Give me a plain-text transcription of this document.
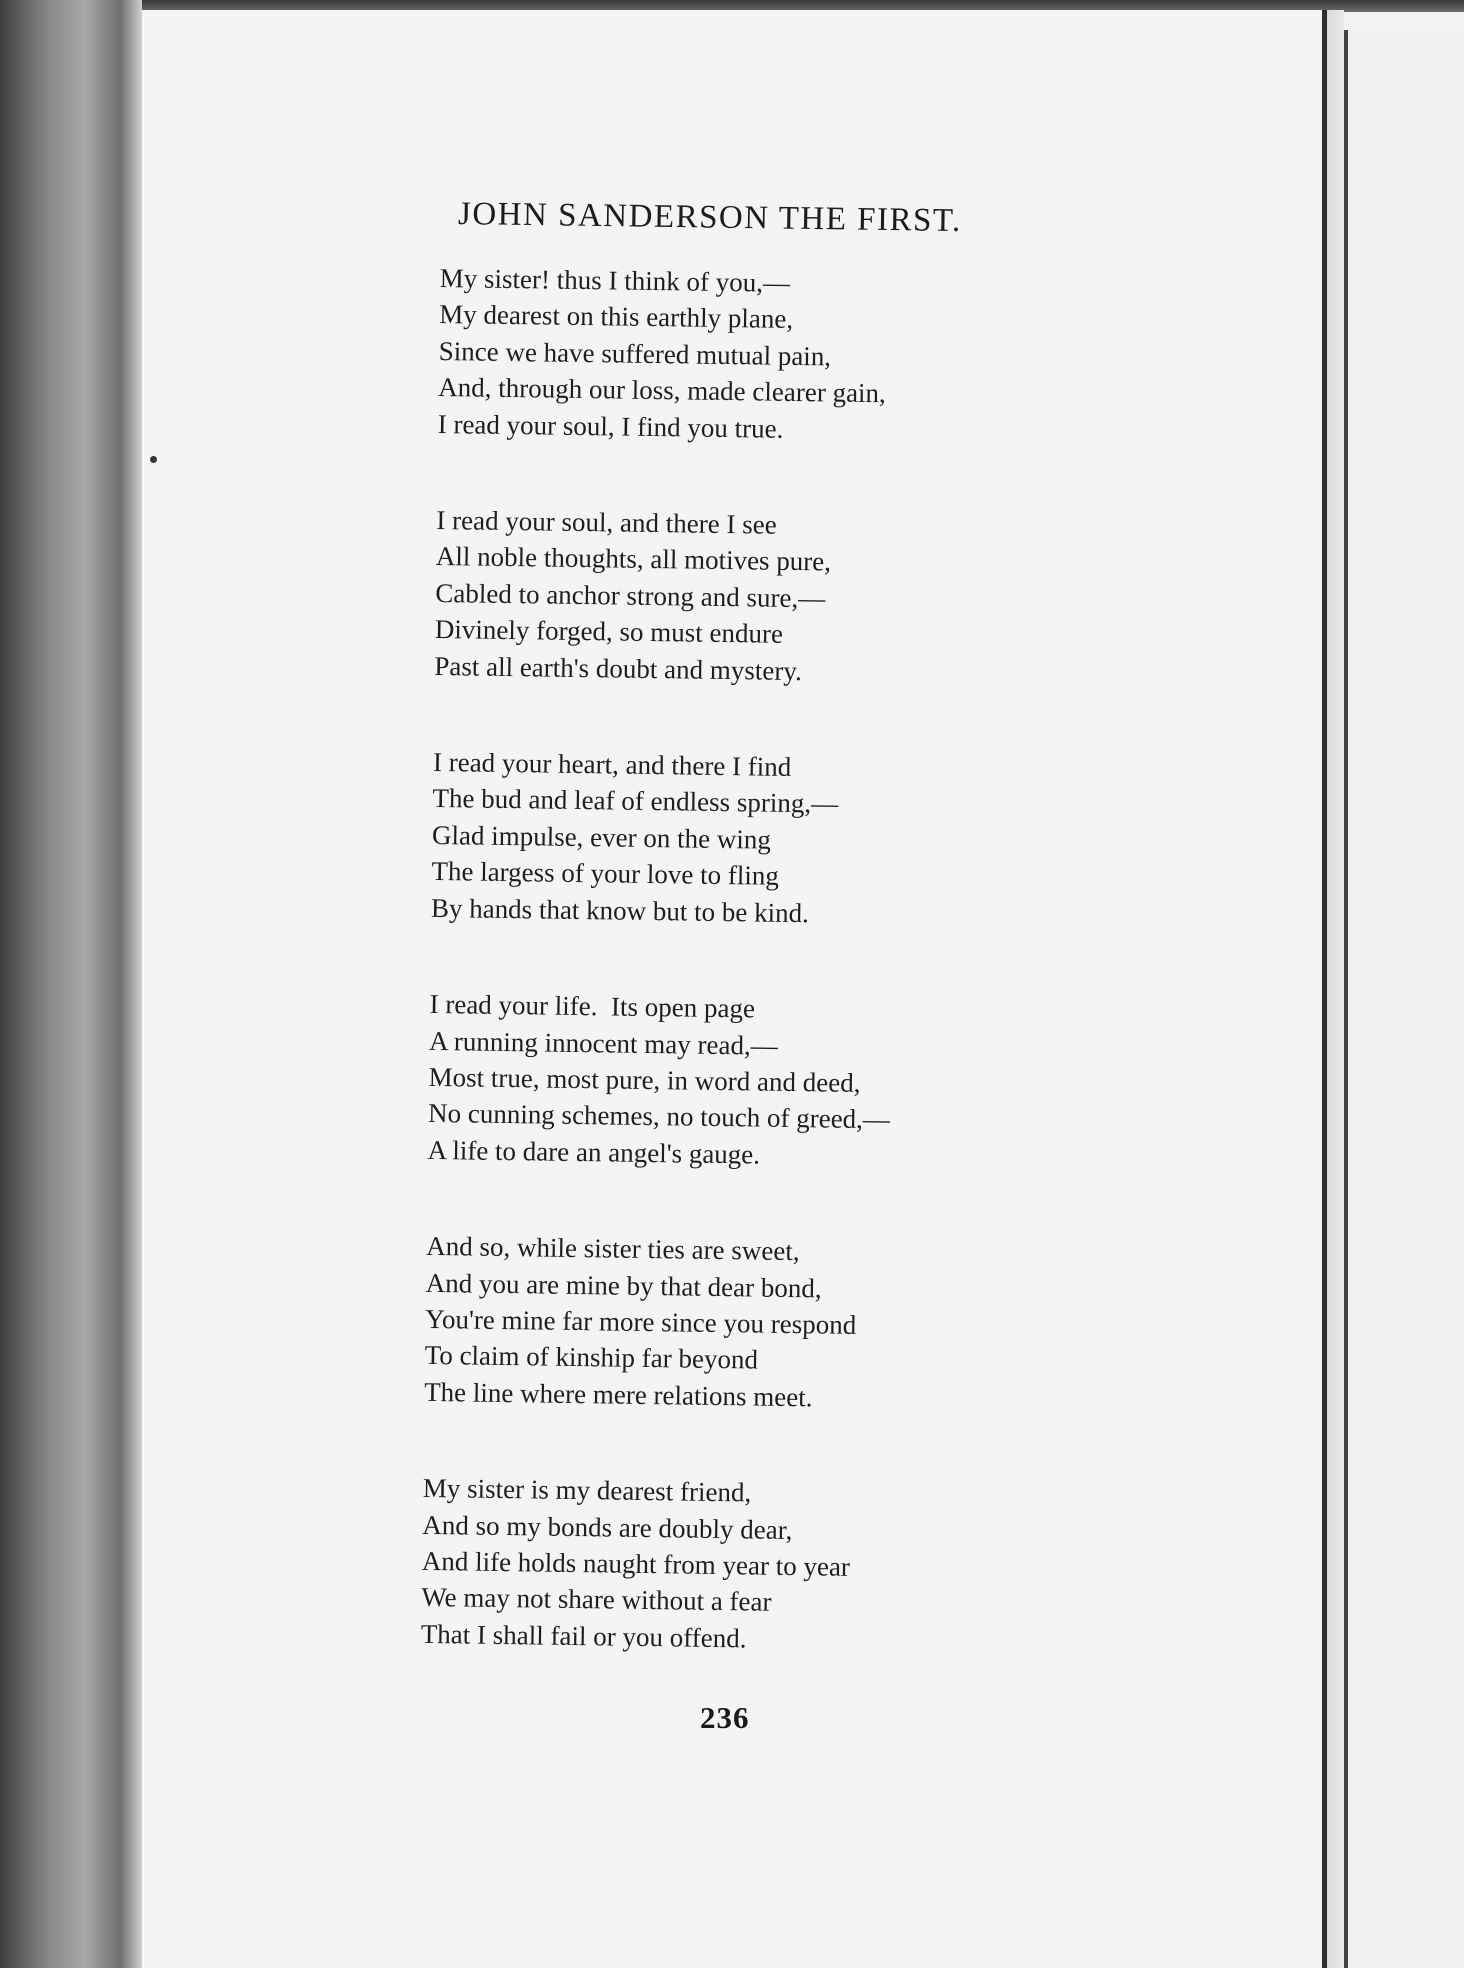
JOHN SANDERSON THE FIRST.
My sister! thus I think of you,—
My dearest on this earthly plane,
Since we have suffered mutual pain,
And, through our loss, made clearer gain,
I read your soul, I find you true.
I read your soul, and there I see
All noble thoughts, all motives pure,
Cabled to anchor strong and sure,—
Divinely forged, so must endure
Past all earth's doubt and mystery.
I read your heart, and there I find
The bud and leaf of endless spring,—
Glad impulse, ever on the wing
The largess of your love to fling
By hands that know but to be kind.
I read your life.  Its open page
A running innocent may read,—
Most true, most pure, in word and deed,
No cunning schemes, no touch of greed,—
A life to dare an angel's gauge.
And so, while sister ties are sweet,
And you are mine by that dear bond,
You're mine far more since you respond
To claim of kinship far beyond
The line where mere relations meet.
My sister is my dearest friend,
And so my bonds are doubly dear,
And life holds naught from year to year
We may not share without a fear
That I shall fail or you offend.
236
